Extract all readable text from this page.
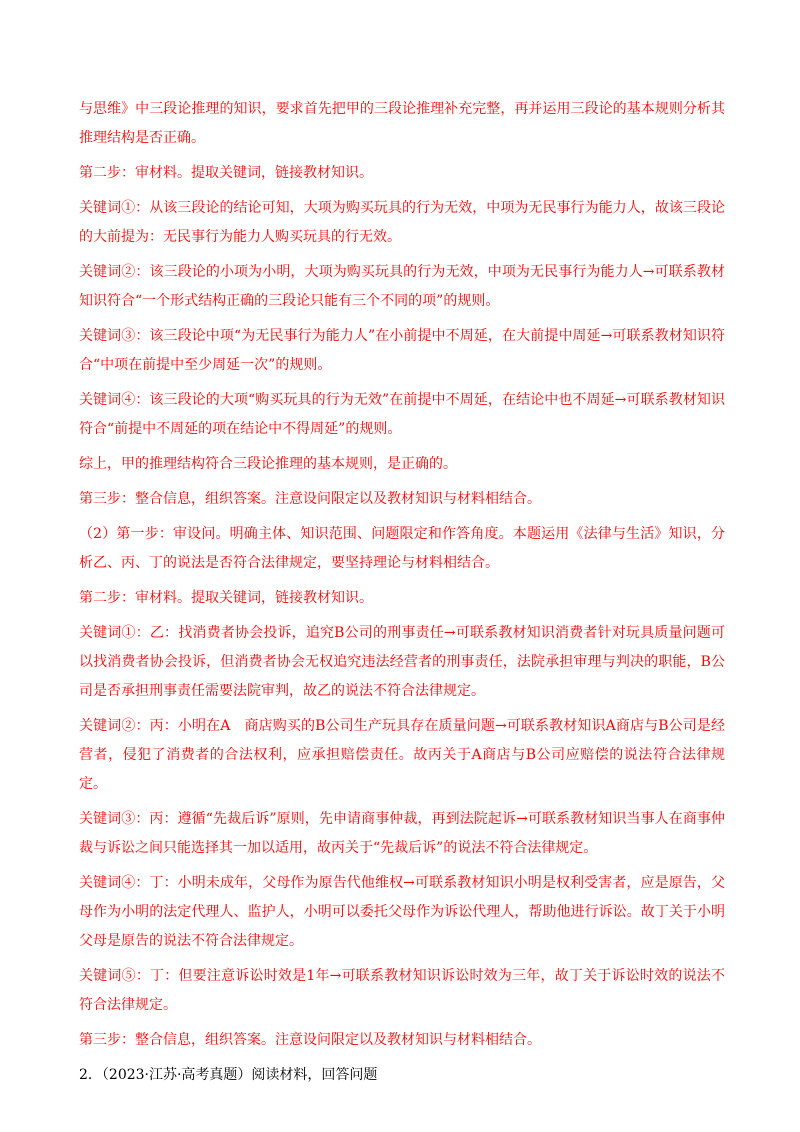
与思维》中三段论推理的知识，要求首先把甲的三段论推理补充完整，再并运用三段论的基本规则分析其推理结构是否正确。

第二步：审材料。提取关键词，链接教材知识。

关键词①：从该三段论的结论可知，大项为购买玩具的行为无效，中项为无民事行为能力人，故该三段论的大前提为：无民事行为能力人购买玩具的行无效。

关键词②：该三段论的小项为小明，大项为购买玩具的行为无效，中项为无民事行为能力人→可联系教材知识符合“一个形式结构正确的三段论只能有三个不同的项”的规则。

关键词③：该三段论中项“为无民事行为能力人”在小前提中不周延，在大前提中周延→可联系教材知识符合“中项在前提中至少周延一次”的规则。

关键词④：该三段论的大项“购买玩具的行为无效”在前提中不周延，在结论中也不周延→可联系教材知识符合“前提中不周延的项在结论中不得周延”的规则。

综上，甲的推理结构符合三段论推理的基本规则，是正确的。

第三步：整合信息，组织答案。注意设问限定以及教材知识与材料相结合。

（2）第一步：审设问。明确主体、知识范围、问题限定和作答角度。本题运用《法律与生活》知识，分析乙、丙、丁的说法是否符合法律规定，要坚持理论与材料相结合。

第二步：审材料。提取关键词，链接教材知识。

关键词①：乙：找消费者协会投诉，追究B公司的刑事责任→可联系教材知识消费者针对玩具质量问题可以找消费者协会投诉，但消费者协会无权追究违法经营者的刑事责任，法院承担审理与判决的职能，B公司是否承担刑事责任需要法院审判，故乙的说法不符合法律规定。

关键词②：丙：小明在A　商店购买的B公司生产玩具存在质量问题→可联系教材知识A商店与B公司是经营者，侵犯了消费者的合法权利，应承担赔偿责任。故丙关于A商店与B公司应赔偿的说法符合法律规定。

关键词③：丙：遵循“先裁后诉”原则，先申请商事仲裁，再到法院起诉→可联系教材知识当事人在商事仲裁与诉讼之间只能选择其一加以适用，故丙关于“先裁后诉”的说法不符合法律规定。

关键词④：丁：小明未成年，父母作为原告代他维权→可联系教材知识小明是权利受害者，应是原告，父母作为小明的法定代理人、监护人，小明可以委托父母作为诉讼代理人，帮助他进行诉讼。故丁关于小明父母是原告的说法不符合法律规定。

关键词⑤：丁：但要注意诉讼时效是1年→可联系教材知识诉讼时效为三年，故丁关于诉讼时效的说法不符合法律规定。

第三步：整合信息，组织答案。注意设问限定以及教材知识与材料相结合。

2．（2023·江苏·高考真题）阅读材料，回答问题
